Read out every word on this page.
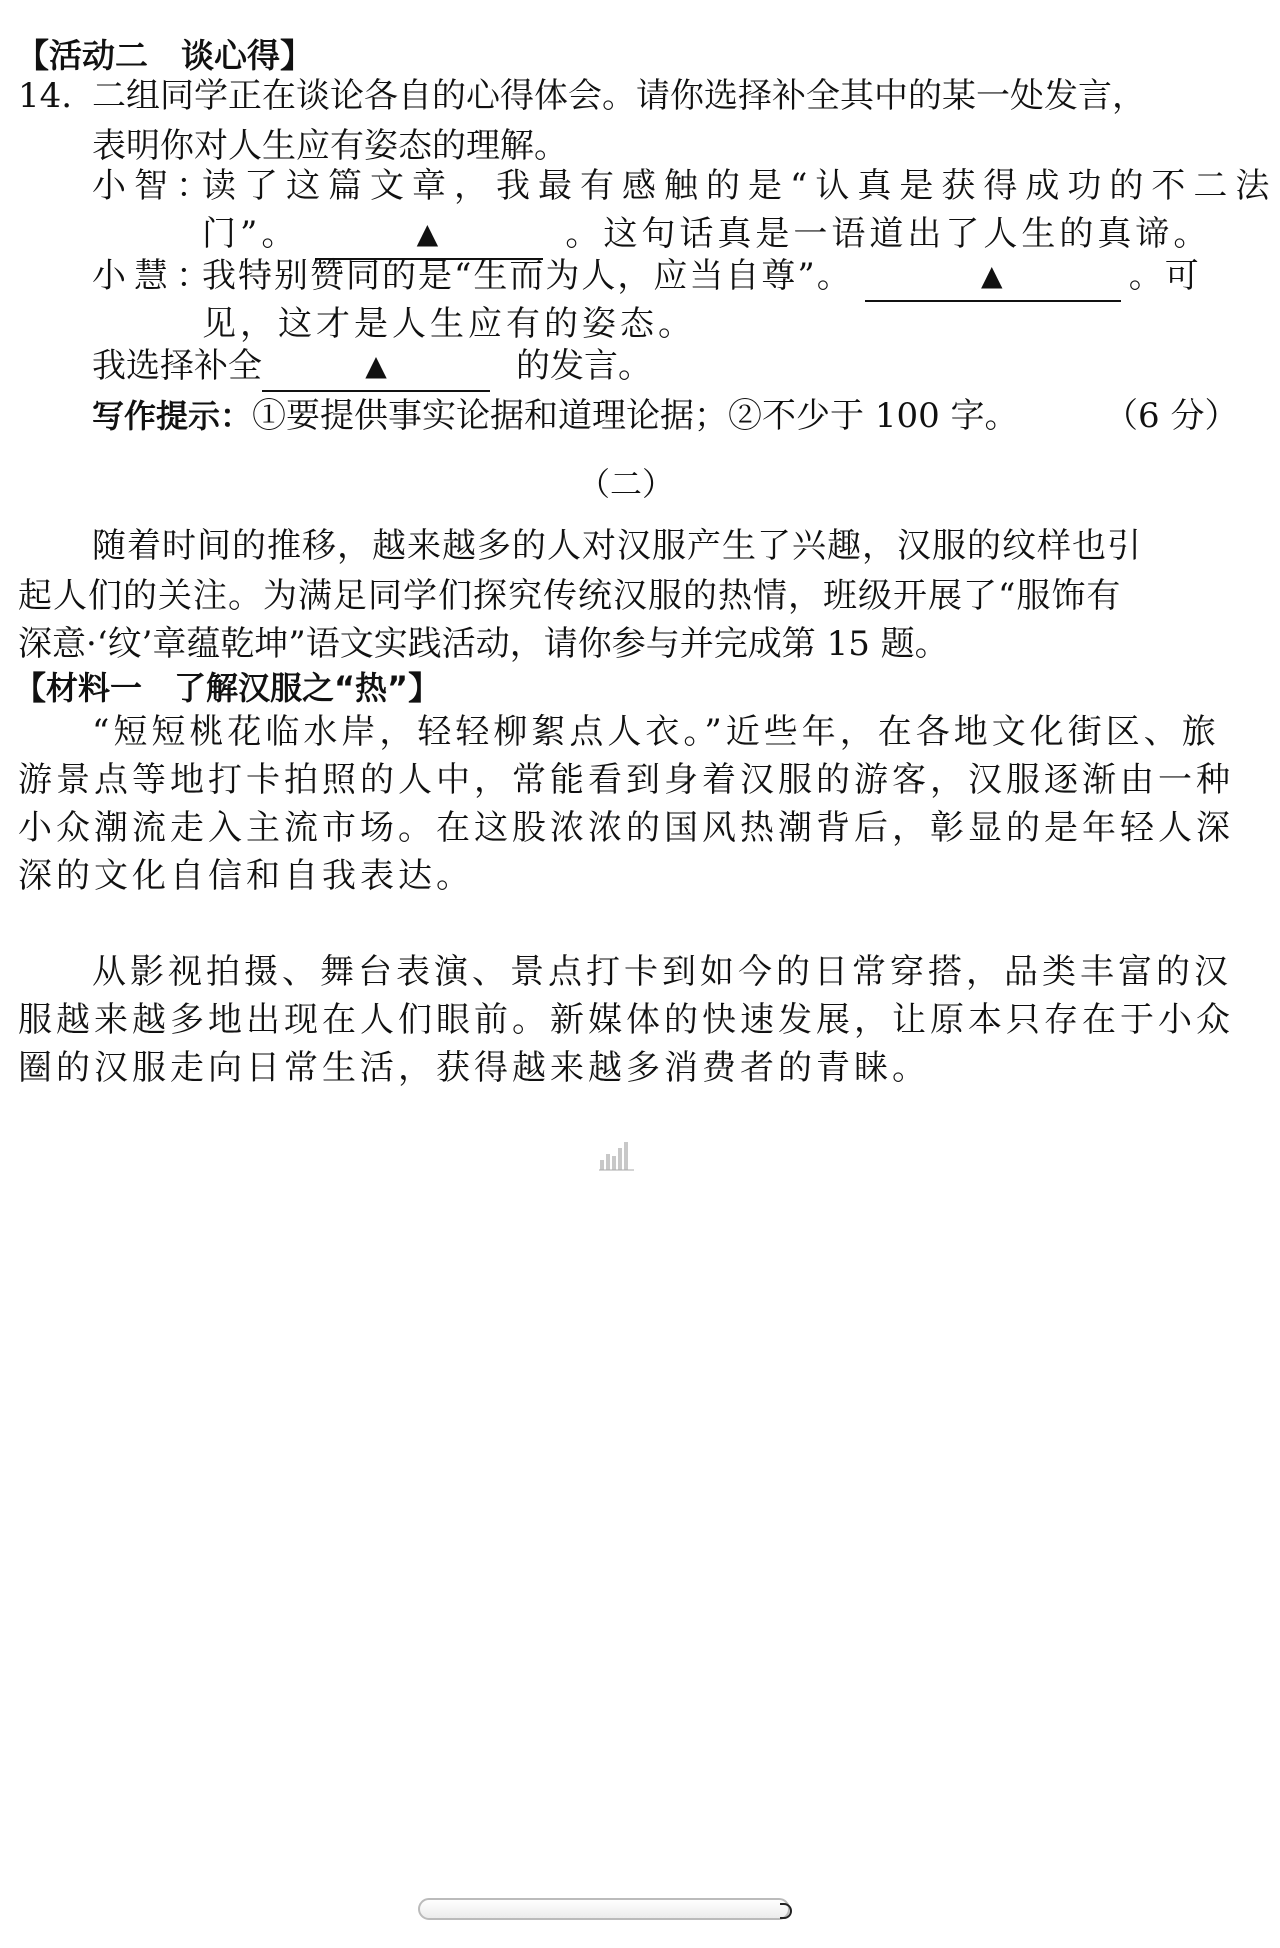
【活动二　谈心得】
14. 二组同学正在谈论各自的心得体会。请你选择补全其中的某一处发言，
表明你对人生应有姿态的理解。
小智：
读了这篇文章，我最有感触的是“认真是获得成功的不二法
门”。	▲	。这句话真是一语道出了人生的真谛。
小慧：
我特别赞同的是“生而为人，应当自尊”。	▲	。可
见，这才是人生应有的姿态。
我选择补全	▲	的发言。
写作提示：①要提供事实论据和道理论据；②不少于 100 字。	（6 分）
（二）
随着时间的推移，越来越多的人对汉服产生了兴趣，汉服的纹样也引
起人们的关注。为满足同学们探究传统汉服的热情，班级开展了“服饰有
深意·‘纹’章蕴乾坤”语文实践活动，请你参与并完成第 15 题。
【材料一　了解汉服之“热”】
“短短桃花临水岸，轻轻柳絮点人衣。”近些年，在各地文化街区、旅
游景点等地打卡拍照的人中，常能看到身着汉服的游客，汉服逐渐由一种
小众潮流走入主流市场。在这股浓浓的国风热潮背后，彰显的是年轻人深
深的文化自信和自我表达。
从影视拍摄、舞台表演、景点打卡到如今的日常穿搭，品类丰富的汉
服越来越多地出现在人们眼前。新媒体的快速发展，让原本只存在于小众
圈的汉服走向日常生活，获得越来越多消费者的青睐。
